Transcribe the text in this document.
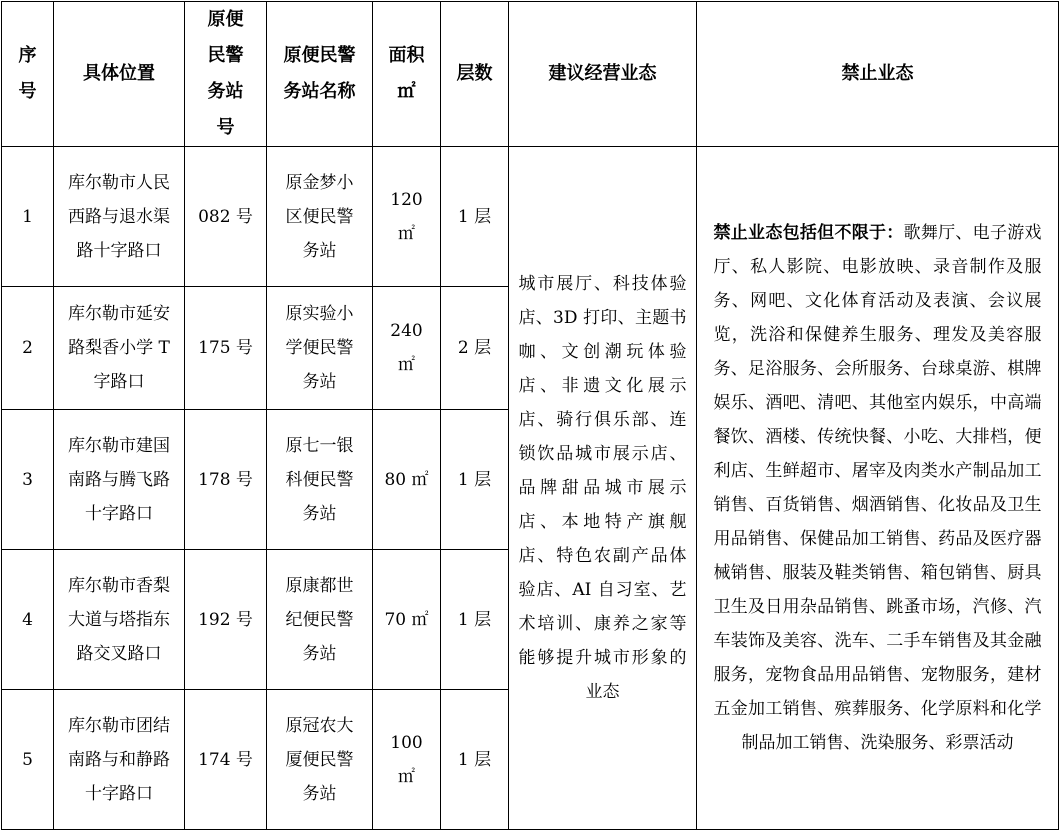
序号	具体位置	原便民警务站号	原便民警务站名称	面积㎡	层数	建议经营业态	禁止业态
1	库尔勒市人民西路与退水渠路十字路口	082 号	原金梦小区便民警务站	120 ㎡	1 层	城市展厅、科技体验店、3D 打印、主题书咖、文创潮玩体验店、非遗文化展示店、骑行俱乐部、连锁饮品城市展示店、品牌甜品城市展示店、本地特产旗舰店、特色农副产品体验店、AI 自习室、艺术培训、康养之家等能够提升城市形象的业态	禁止业态包括但不限于：歌舞厅、电子游戏厅、私人影院、电影放映、录音制作及服务、网吧、文化体育活动及表演、会议展览，洗浴和保健养生服务、理发及美容服务、足浴服务、会所服务、台球桌游、棋牌娱乐、酒吧、清吧、其他室内娱乐，中高端餐饮、酒楼、传统快餐、小吃、大排档，便利店、生鲜超市、屠宰及肉类水产制品加工销售、百货销售、烟酒销售、化妆品及卫生用品销售、保健品加工销售、药品及医疗器械销售、服装及鞋类销售、箱包销售、厨具卫生及日用杂品销售、跳蚤市场，汽修、汽车装饰及美容、洗车、二手车销售及其金融服务，宠物食品用品销售、宠物服务，建材五金加工销售、殡葬服务、化学原料和化学制品加工销售、洗染服务、彩票活动

2	库尔勒市延安路梨香小学 T 字路口	175 号	原实验小学便民警务站	240 ㎡	2 层		
3	库尔勒市建国南路与腾飞路十字路口	178 号	原七一银科便民警务站	80 ㎡	1 层		
4	库尔勒市香梨大道与塔指东路交叉路口	192 号	原康都世纪便民警务站	70 ㎡	1 层		
5	库尔勒市团结南路与和静路十字路口	174 号	原冠农大厦便民警务站	100 ㎡	1 层		
